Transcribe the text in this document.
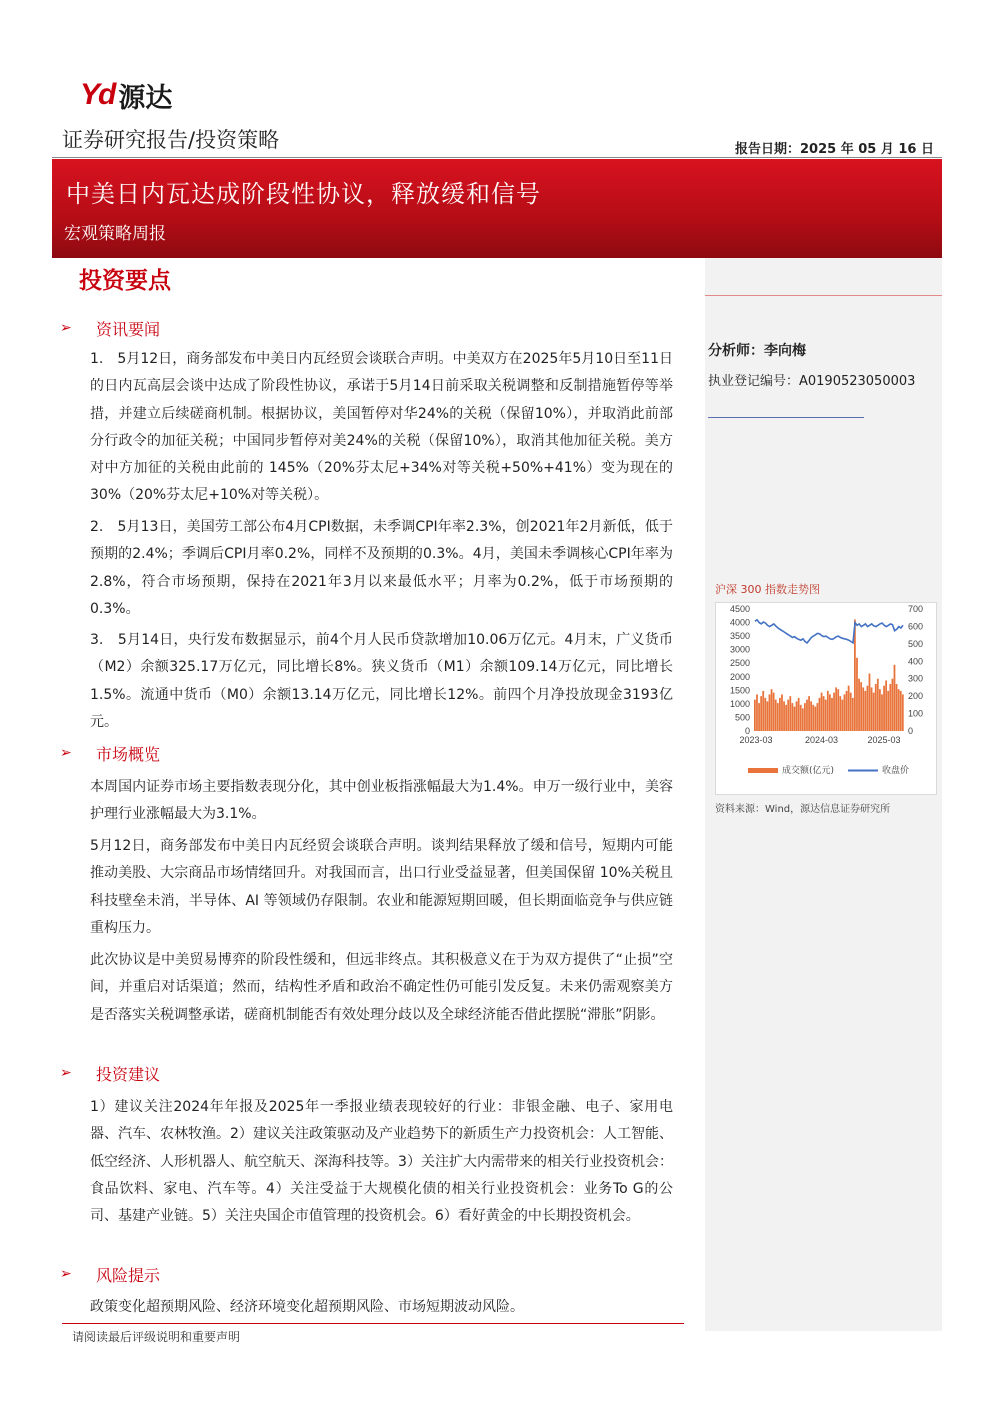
Yd 源达
证券研究报告/投资策略	报告日期：2025 年 05 月 16 日
中美日内瓦达成阶段性协议，释放缓和信号
宏观策略周报
分析师：李向梅
执业登记编号：A0190523050003
沪深 300 指数走势图
4500
4000
3500
3000
2500
2000
1500
1000
500
0
700
600
500
400
300
200
100
0
2023-03	2024-03	2025-03
成交额(亿元)	收盘价
资料来源：Wind，源达信息证券研究所
投资要点
➢	资讯要闻
1.　5月12日，商务部发布中美日内瓦经贸会谈联合声明。中美双方在2025年5月10日至11日的日内瓦高层会谈中达成了阶段性协议，承诺于5月14日前采取关税调整和反制措施暂停等举措，并建立后续磋商机制。根据协议，美国暂停对华24%的关税（保留10%），并取消此前部分行政令的加征关税；中国同步暂停对美24%的关税（保留10%），取消其他加征关税。美方对中方加征的关税由此前的 145%（20%芬太尼+34%对等关税+50%+41%）变为现在的 30%（20%芬太尼+10%对等关税）。
2.　5月13日，美国劳工部公布4月CPI数据，未季调CPI年率2.3%，创2021年2月新低，低于预期的2.4%；季调后CPI月率0.2%，同样不及预期的0.3%。4月，美国未季调核心CPI年率为2.8%，符合市场预期，保持在2021年3月以来最低水平；月率为0.2%，低于市场预期的0.3%。
3.　5月14日，央行发布数据显示，前4个月人民币贷款增加10.06万亿元。4月末，广义货币（M2）余额325.17万亿元，同比增长8%。狭义货币（M1）余额109.14万亿元，同比增长1.5%。流通中货币（M0）余额13.14万亿元，同比增长12%。前四个月净投放现金3193亿元。
➢	市场概览
本周国内证券市场主要指数表现分化，其中创业板指涨幅最大为1.4%。申万一级行业中，美容护理行业涨幅最大为3.1%。
5月12日，商务部发布中美日内瓦经贸会谈联合声明。谈判结果释放了缓和信号，短期内可能推动美股、大宗商品市场情绪回升。对我国而言，出口行业受益显著，但美国保留 10%关税且科技壁垒未消，半导体、AI 等领域仍存限制。农业和能源短期回暖，但长期面临竞争与供应链重构压力。
此次协议是中美贸易博弈的阶段性缓和，但远非终点。其积极意义在于为双方提供了“止损”空间，并重启对话渠道；然而，结构性矛盾和政治不确定性仍可能引发反复。未来仍需观察美方是否落实关税调整承诺，磋商机制能否有效处理分歧以及全球经济能否借此摆脱“滞胀”阴影。
➢	投资建议
1）建议关注2024年年报及2025年一季报业绩表现较好的行业：非银金融、电子、家用电器、汽车、农林牧渔。2）建议关注政策驱动及产业趋势下的新质生产力投资机会：人工智能、低空经济、人形机器人、航空航天、深海科技等。3）关注扩大内需带来的相关行业投资机会：食品饮料、家电、汽车等。4）关注受益于大规模化债的相关行业投资机会：业务To G的公司、基建产业链。5）关注央国企市值管理的投资机会。6）看好黄金的中长期投资机会。
➢	风险提示
政策变化超预期风险、经济环境变化超预期风险、市场短期波动风险。
请阅读最后评级说明和重要声明
